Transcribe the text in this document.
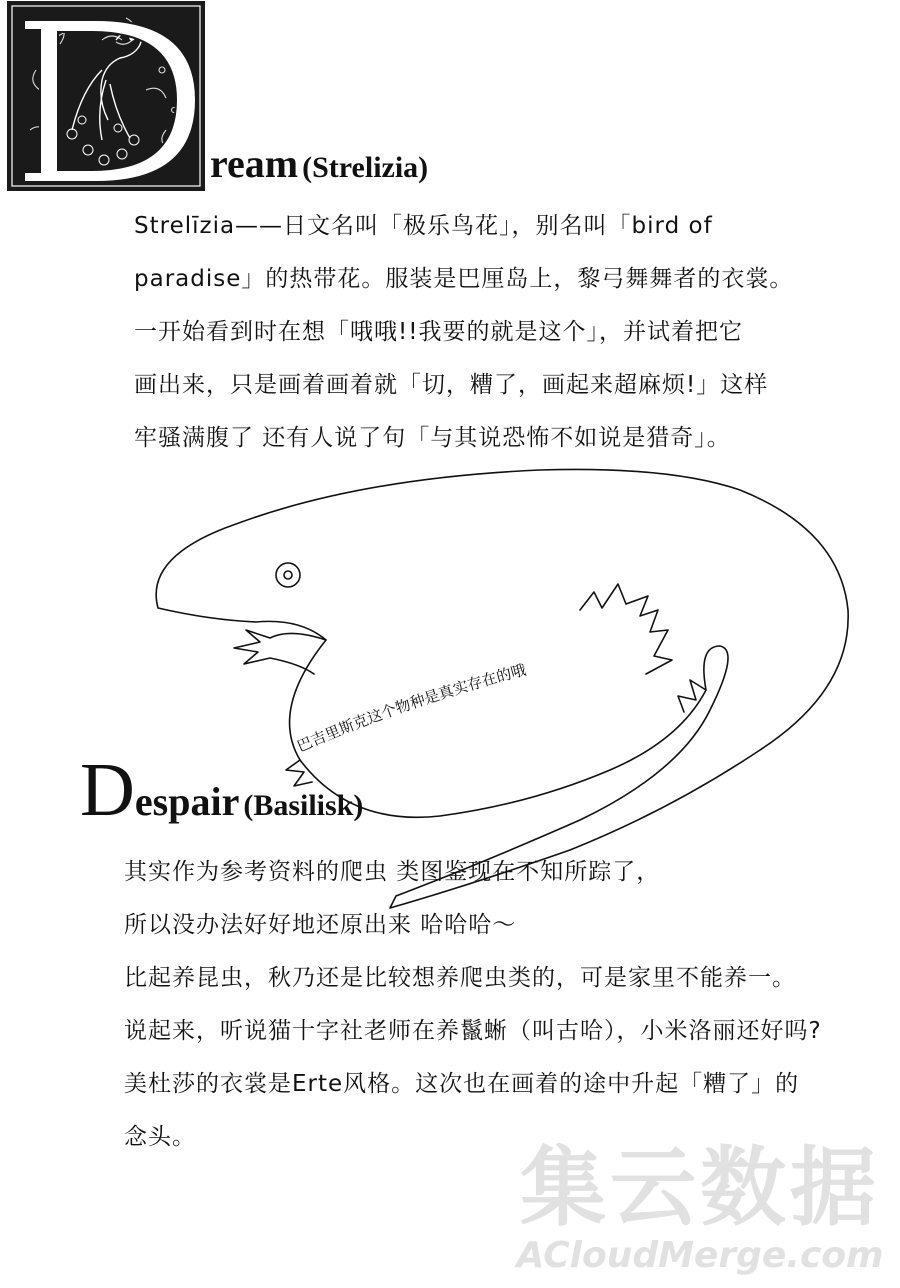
ream (Strelizia)
Strelīzia——日文名叫「极乐鸟花」，别名叫「bird of
paradise」的热带花。服装是巴厘岛上，黎弓舞舞者的衣裳。
一开始看到时在想「哦哦!!我要的就是这个」，并试着把它
画出来，只是画着画着就「切，糟了，画起来超麻烦!」这样
牢骚满腹了 还有人说了句「与其说恐怖不如说是猎奇」。
巴吉里斯克这个物种是真实存在的哦
Despair (Basilisk)
其实作为参考资料的爬虫 类图鉴现在不知所踪了，
所以没办法好好地还原出来 哈哈哈～
比起养昆虫，秋乃还是比较想养爬虫类的，可是家里不能养一。
说起来，听说猫十字社老师在养鬣蜥（叫古哈），小米洛丽还好吗?
美杜莎的衣裳是Erte风格。这次也在画着的途中升起「糟了」的
念头。
集云数据
ACloudMerge.com
